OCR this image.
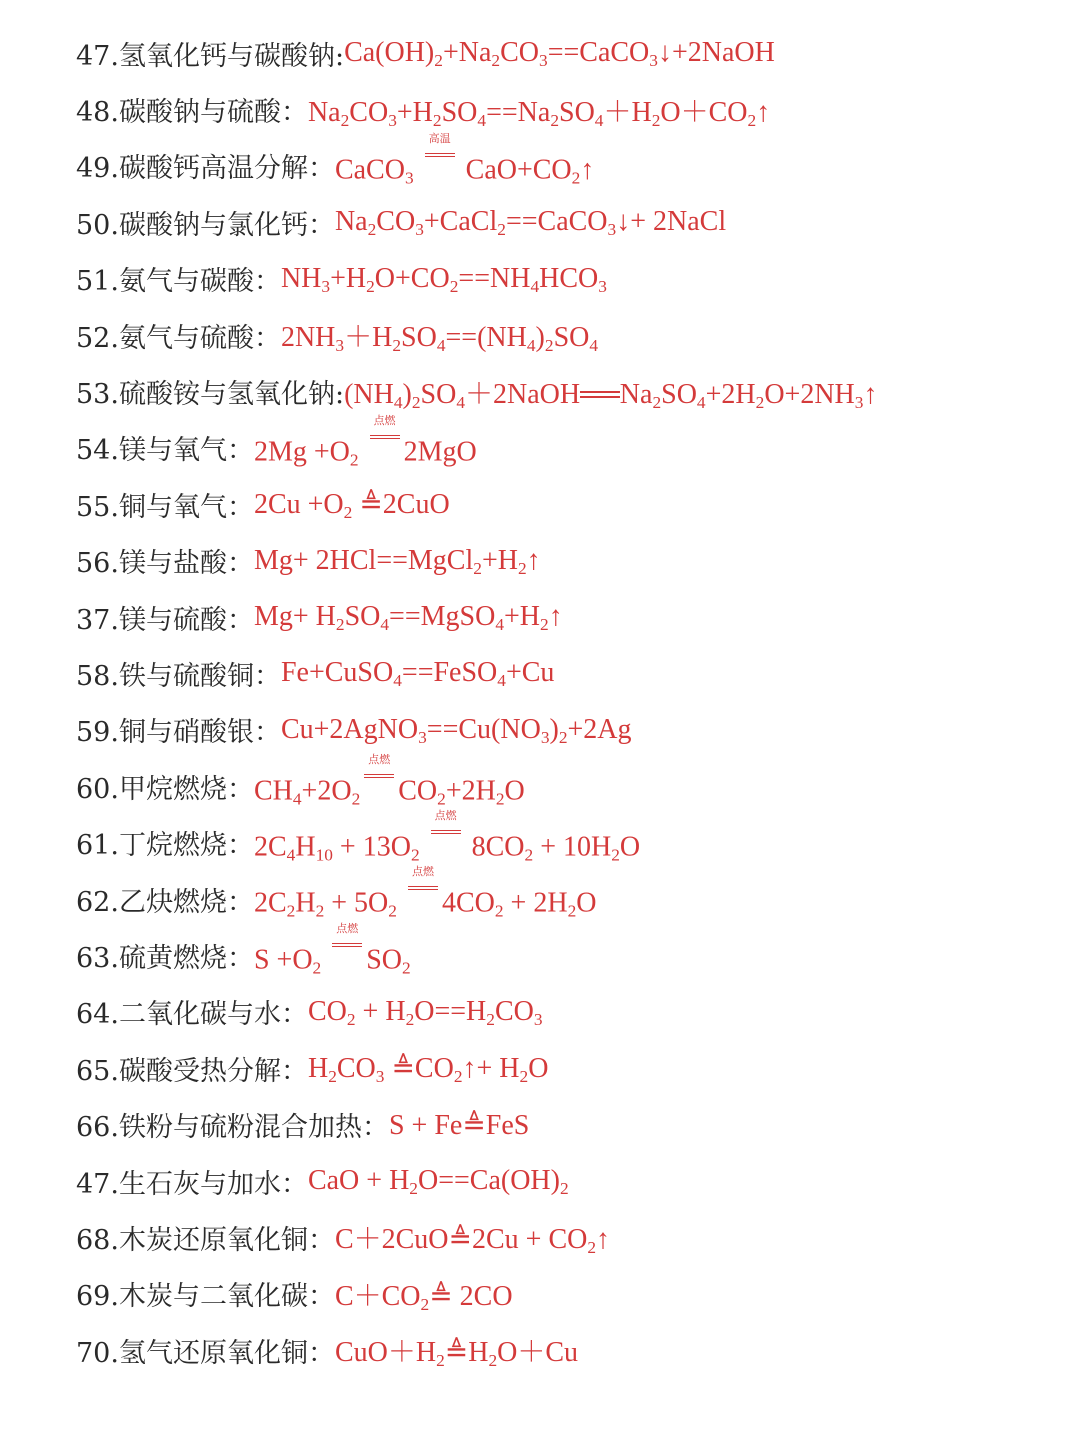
47.氢氧化钙与碳酸钠: $Ca(OH)_2+Na_2CO_3==CaCO_3↓+2NaOH$
48.碳酸钠与硫酸： $Na_2CO_3+H_2SO_4==Na_2SO_4+H_2O+CO_2↑$
49.碳酸钙高温分解： CaCO$_3$
高温
$CaO+CO_2↑$
50.碳酸钠与氯化钙： $Na_2CO_3+CaCl_2==CaCO_3↓+$ 2NaCl
51.氨气与碳酸： $NH_3+H_2O+CO_2==NH_4HCO_3$
52.氨气与硫酸： $2NH_3+H_2SO_4==(NH_4)_2SO_4$
53.硫酸铵与氢氧化钠: $(NH_4)_2SO_4+2NaOH══Na_2SO_4+2H_2O+2NH_3↑$
54.镁与氧气： $2Mg +O_2$
点燃
2MgO
55.铜与氧气： $2Cu +O_2$ ≜2CuO
56.镁与盐酸： $Mg+ 2HCl==MgCl_2+H_2↑$
37.镁与硫酸： $Mg+ H_2SO_4==MgSO_4+H_2↑$
58.铁与硫酸铜： Fe+CuSO$_4$==FeSO$_4$+Cu
59.铜与硝酸银： $Cu+2AgNO_3==Cu(NO_3)_2+2Ag$
60.甲烷燃烧： $CH_4+2O_2$
点燃
$CO_2+2H_2O$
61.丁烷燃烧： $2C_4H_{10} + 13O_2$
点燃
$8CO_2 + 10H_2O$
62.乙炔燃烧： $2C_2H_2 + 5O_2$
点燃
$4CO_2 + 2H_2O$
63.硫黄燃烧： $S +O_2$
点燃
$SO_2$
64.二氧化碳与水： $CO_2 + H_2O==H_2CO_3$
65.碳酸受热分解： $H_2CO_3$ $≜CO_2↑+ H_2O$
66.铁粉与硫粉混合加热： S + Fe≜FeS
47.生石灰与加水： CaO + $H_2O==Ca(OH)_2$
68.木炭还原氧化铜： C＋2CuO≜2Cu + $CO_2↑$
69.木炭与二氧化碳： $C+CO_2≜$ 2CO
70.氢气还原氧化铜： $CuO+H_2≜H_2O+Cu$
